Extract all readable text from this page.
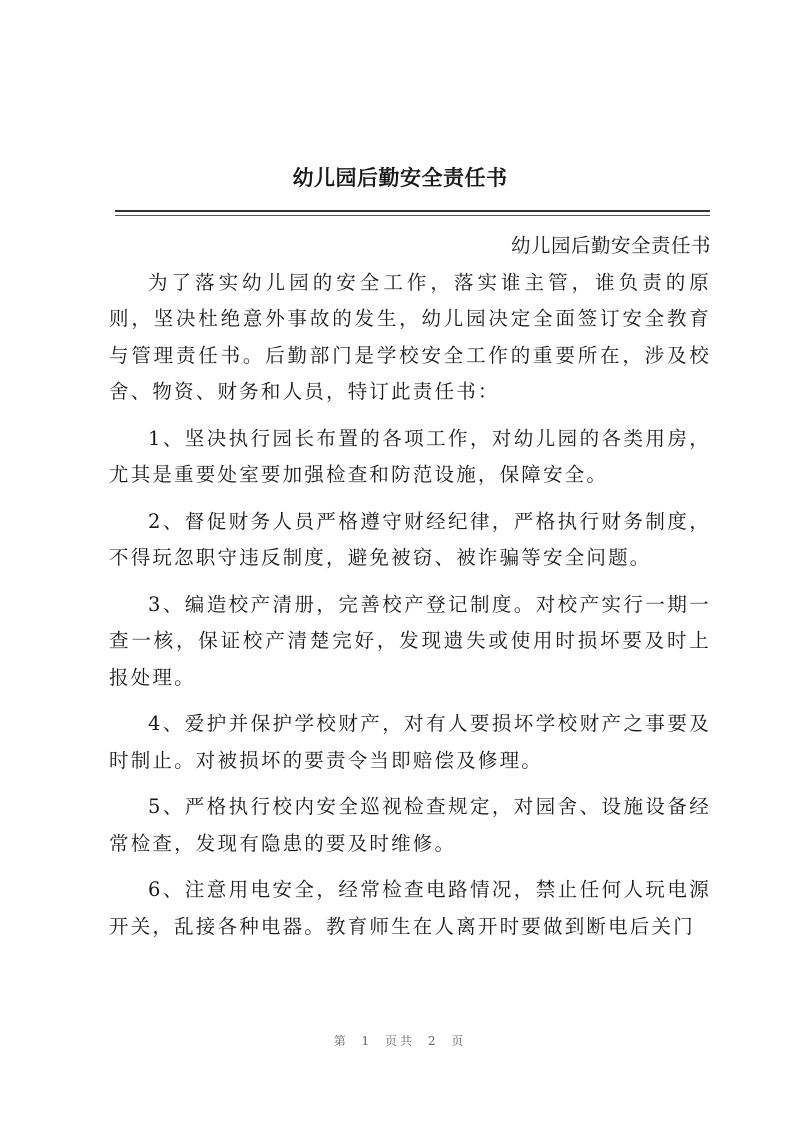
幼儿园后勤安全责任书

幼儿园后勤安全责任书

为了落实幼儿园的安全工作，落实谁主管，谁负责的原则，坚决杜绝意外事故的发生，幼儿园决定全面签订安全教育与管理责任书。后勤部门是学校安全工作的重要所在，涉及校舍、物资、财务和人员，特订此责任书：

1、坚决执行园长布置的各项工作，对幼儿园的各类用房，尤其是重要处室要加强检查和防范设施，保障安全。

2、督促财务人员严格遵守财经纪律，严格执行财务制度，不得玩忽职守违反制度，避免被窃、被诈骗等安全问题。

3、编造校产清册，完善校产登记制度。对校产实行一期一查一核，保证校产清楚完好，发现遗失或使用时损坏要及时上报处理。

4、爱护并保护学校财产，对有人要损坏学校财产之事要及时制止。对被损坏的要责令当即赔偿及修理。

5、严格执行校内安全巡视检查规定，对园舍、设施设备经常检查，发现有隐患的要及时维修。

6、注意用电安全，经常检查电路情况，禁止任何人玩电源开关，乱接各种电器。教育师生在人离开时要做到断电后关门

第 1 页共 2 页
